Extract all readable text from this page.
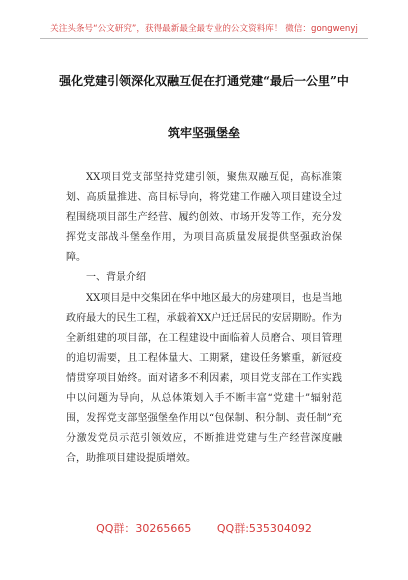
关注头条号“公文研究”，获得最新最全最专业的公文资料库！ 微信：gongwenyj
强化党建引领深化双融互促在打通党建“最后一公里”中
筑牢坚强堡垒

XX项目党支部坚持党建引领，聚焦双融互促，高标准策划、高质量推进、高目标导向，将党建工作融入项目建设全过程围绕项目部生产经营、履约创效、市场开发等工作，充分发挥党支部战斗堡垒作用，为项目高质量发展提供坚强政治保障。

一、背景介绍

XX项目是中交集团在华中地区最大的房建项目，也是当地政府最大的民生工程，承载着XX户迁迁居民的安居期盼。作为全新组建的项目部，在工程建设中面临着人员磨合、项目管理的追切需要，且工程体量大、工期紧，建设任务繁重，新冠疫情贯穿项目始终。面对诸多不利因素，项目党支部在工作实践中以问题为导向，从总体策划入手不断丰富“党建十”辐射范围，发挥党支部坚强堡垒作用以“包保制、积分制、责任制”充分激发党员示范引领效应，不断推进党建与生产经营深度融合，助推项目建设提质增效。

QQ群：30265665 QQ群:535304092
